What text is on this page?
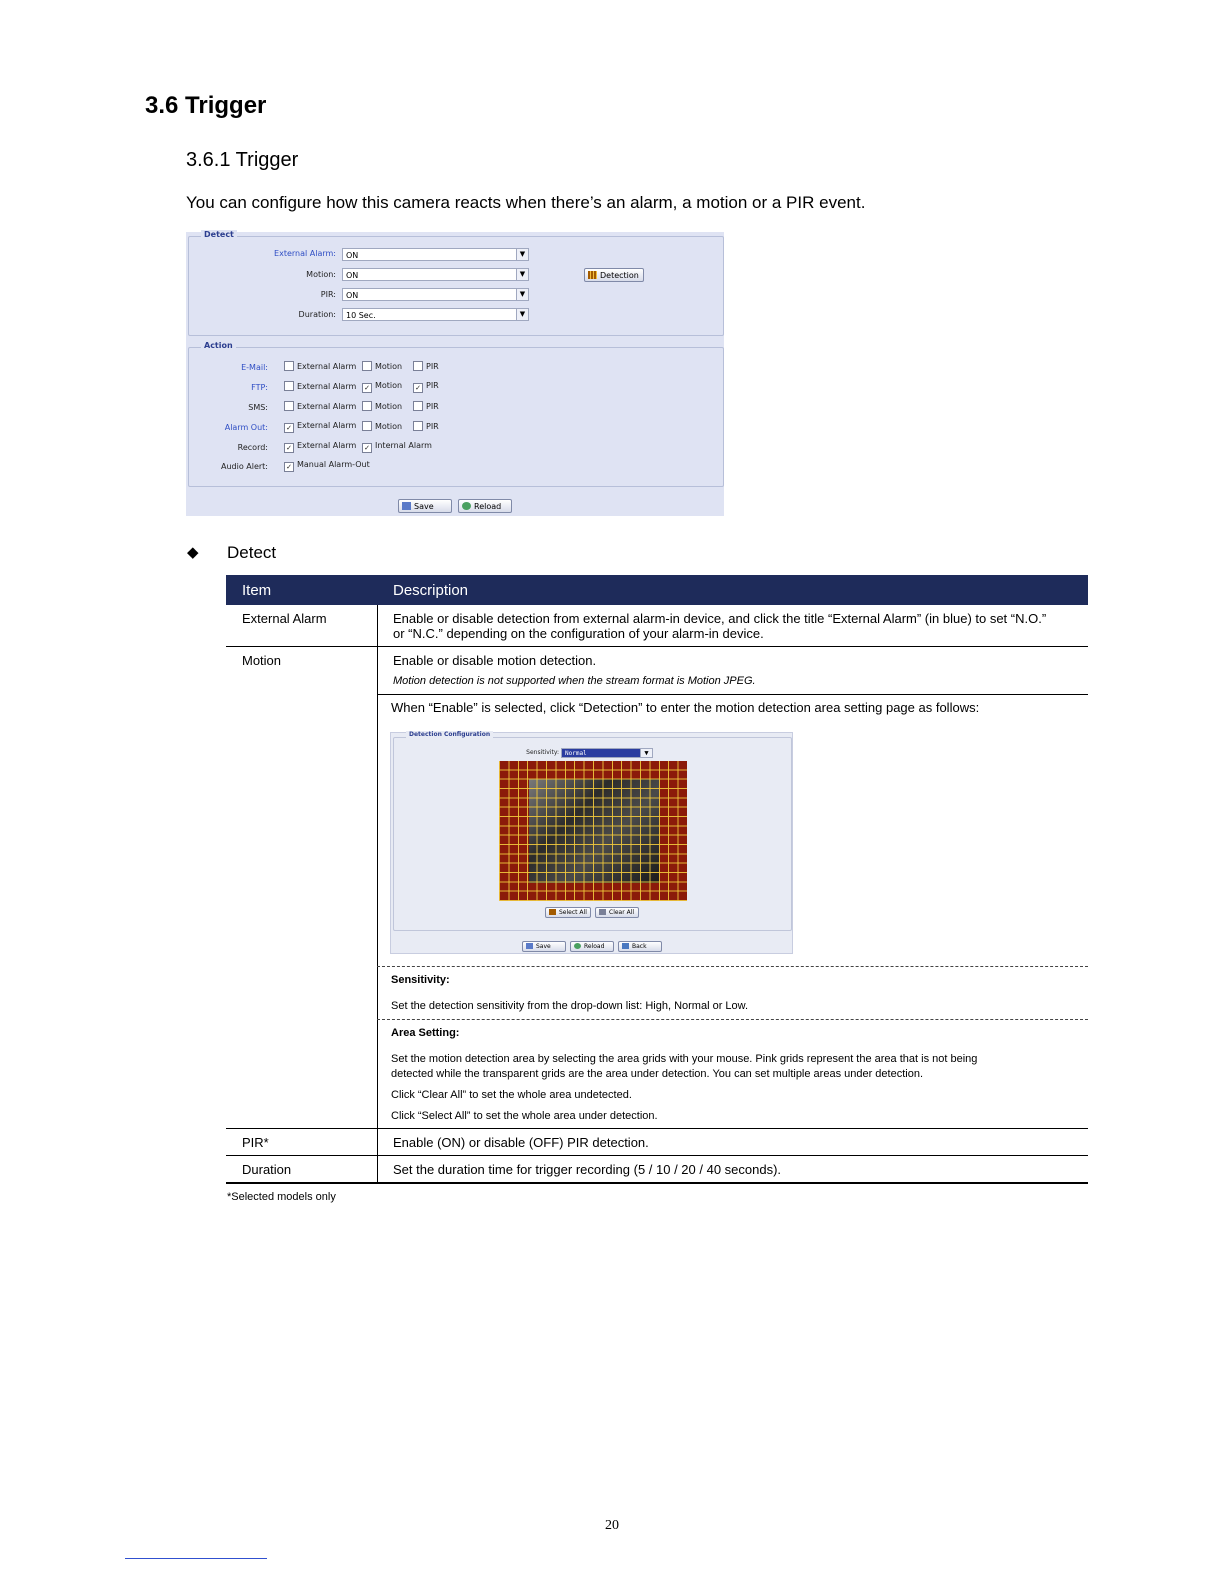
3.6 Trigger
3.6.1 Trigger
You can configure how this camera reacts when there’s an alarm, a motion or a PIR event.
Detect
External Alarm:	ON	▼
Motion:	ON	▼	Detection
PIR:	ON	▼
Duration:	10 Sec.	▼
Action
E-Mail:	External Alarm	Motion	PIR
FTP:	External Alarm ✓ Motion ✓ PIR
SMS:	External Alarm	Motion	PIR
Alarm Out:	✓ External Alarm	Motion	PIR
Record:	✓ External Alarm ✓ Internal Alarm
Audio Alert:	✓ Manual Alarm-Out
Save	Reload
◆ Detect
Item	Description
External Alarm	Enable or disable detection from external alarm-in device, and click the title “External Alarm” (in blue) to set “N.O.”
or “N.C.” depending on the configuration of your alarm-in device.
Motion	Enable or disable motion detection.
Motion detection is not supported when the stream format is Motion JPEG.
When “Enable” is selected, click “Detection” to enter the motion detection area setting page as follows:
Sensitivity:
Set the detection sensitivity from the drop-down list: High, Normal or Low.
Area Setting:
Set the motion detection area by selecting the area grids with your mouse. Pink grids represent the area that is not being
detected while the transparent grids are the area under detection. You can set multiple areas under detection.
Click “Clear All” to set the whole area undetected.
Click “Select All” to set the whole area under detection.
PIR*	Enable (ON) or disable (OFF) PIR detection.
Duration	Set the duration time for trigger recording (5 / 10 / 20 / 40 seconds).
Detection Configuration
Sensitivity:	Normal	▼
Select All	Clear All
Save	Reload	Back
*Selected models only
20
